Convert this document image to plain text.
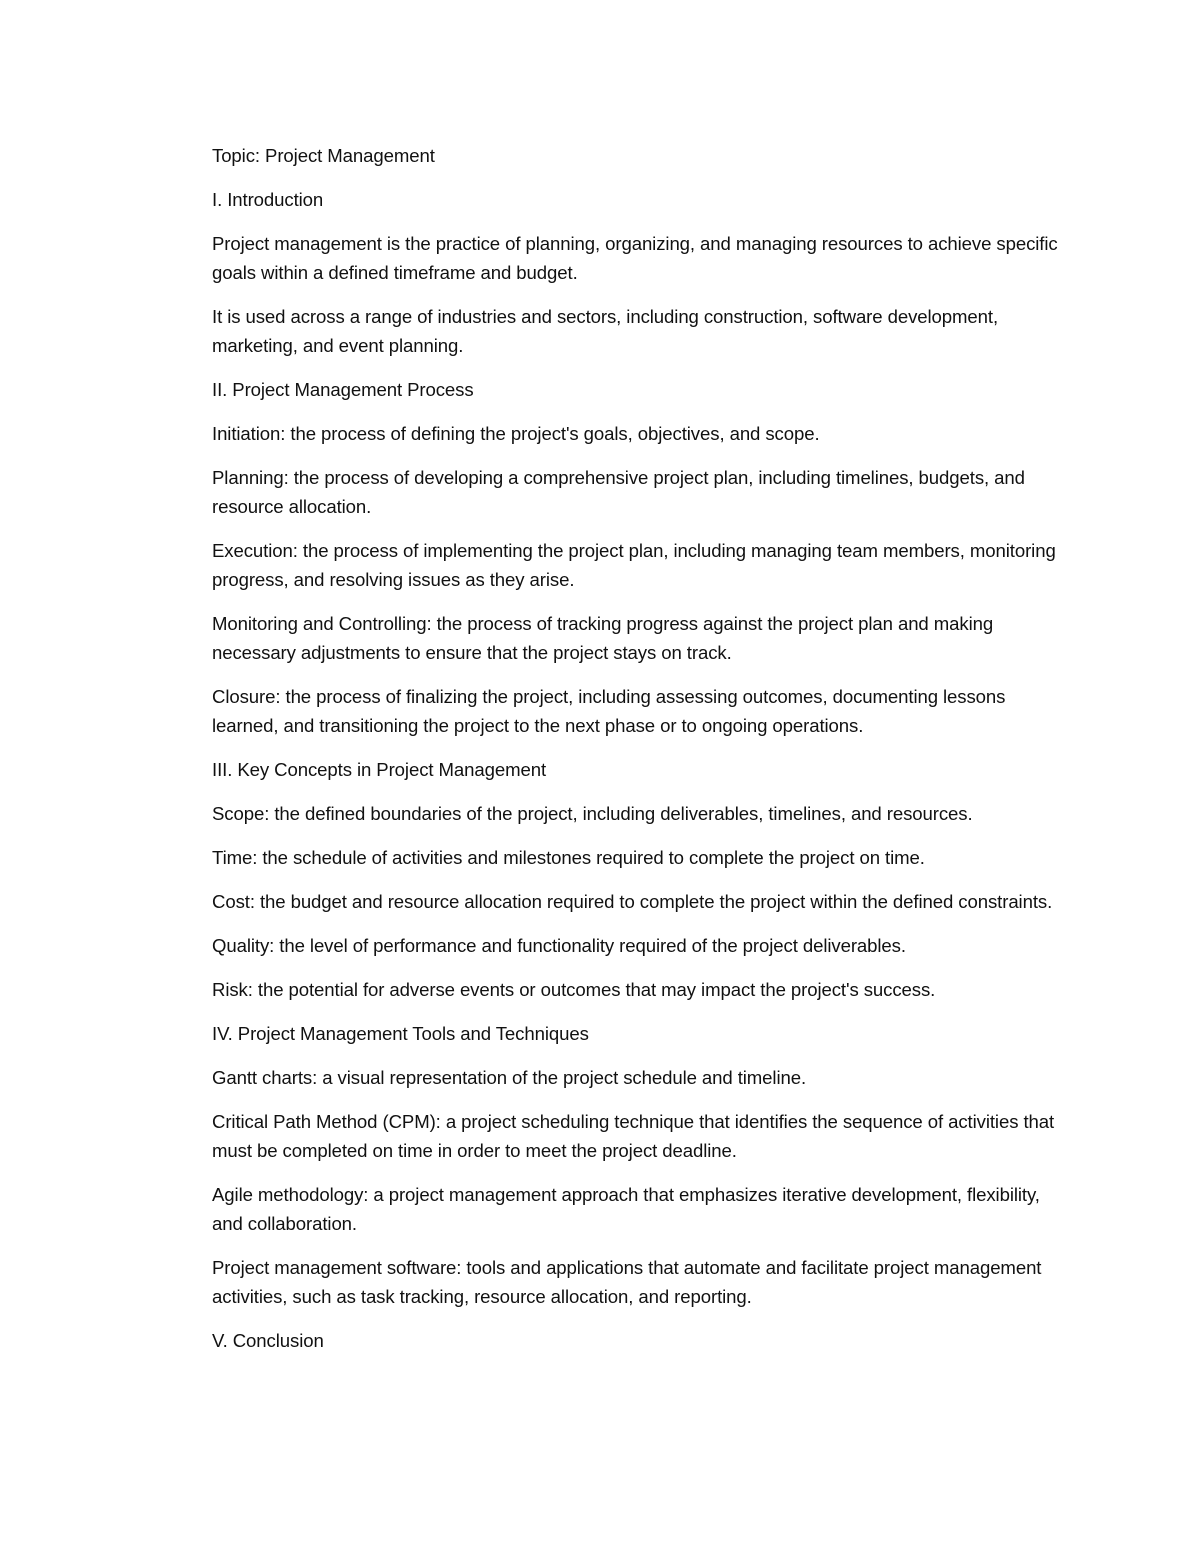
Topic: Project Management

I. Introduction

Project management is the practice of planning, organizing, and managing resources to achieve specific goals within a defined timeframe and budget.

It is used across a range of industries and sectors, including construction, software development, marketing, and event planning.

II. Project Management Process

Initiation: the process of defining the project's goals, objectives, and scope.

Planning: the process of developing a comprehensive project plan, including timelines, budgets, and resource allocation.

Execution: the process of implementing the project plan, including managing team members, monitoring progress, and resolving issues as they arise.

Monitoring and Controlling: the process of tracking progress against the project plan and making necessary adjustments to ensure that the project stays on track.

Closure: the process of finalizing the project, including assessing outcomes, documenting lessons learned, and transitioning the project to the next phase or to ongoing operations.

III. Key Concepts in Project Management

Scope: the defined boundaries of the project, including deliverables, timelines, and resources.

Time: the schedule of activities and milestones required to complete the project on time.

Cost: the budget and resource allocation required to complete the project within the defined constraints.

Quality: the level of performance and functionality required of the project deliverables.

Risk: the potential for adverse events or outcomes that may impact the project's success.

IV. Project Management Tools and Techniques

Gantt charts: a visual representation of the project schedule and timeline.

Critical Path Method (CPM): a project scheduling technique that identifies the sequence of activities that must be completed on time in order to meet the project deadline.

Agile methodology: a project management approach that emphasizes iterative development, flexibility, and collaboration.

Project management software: tools and applications that automate and facilitate project management activities, such as task tracking, resource allocation, and reporting.

V. Conclusion
